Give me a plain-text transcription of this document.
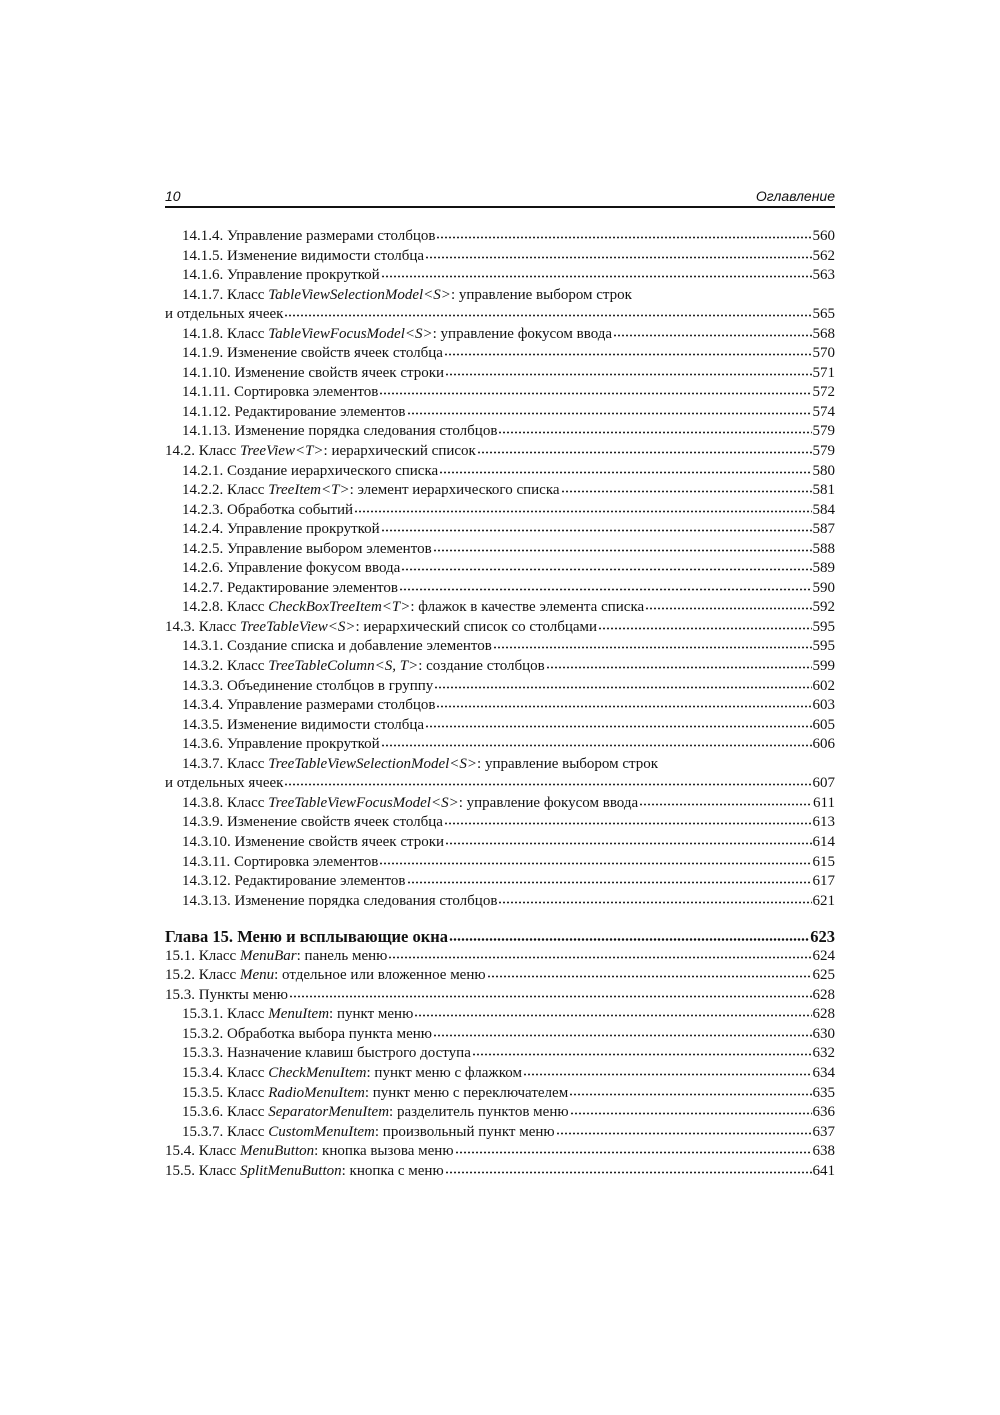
10	Оглавление
14.1.4. Управление размерами столбцов	560
14.1.5. Изменение видимости столбца	562
14.1.6. Управление прокруткой	563
14.1.7. Класс TableViewSelectionModel<S>: управление выбором строк
и отдельных ячеек	565
14.1.8. Класс TableViewFocusModel<S>: управление фокусом ввода	568
14.1.9. Изменение свойств ячеек столбца	570
14.1.10. Изменение свойств ячеек строки	571
14.1.11. Сортировка элементов	572
14.1.12. Редактирование элементов	574
14.1.13. Изменение порядка следования столбцов	579
14.2. Класс TreeView<T>: иерархический список	579
14.2.1. Создание иерархического списка	580
14.2.2. Класс TreeItem<T>: элемент иерархического списка	581
14.2.3. Обработка событий	584
14.2.4. Управление прокруткой	587
14.2.5. Управление выбором элементов	588
14.2.6. Управление фокусом ввода	589
14.2.7. Редактирование элементов	590
14.2.8. Класс CheckBoxTreeItem<T>: флажок в качестве элемента списка	592
14.3. Класс TreeTableView<S>: иерархический список со столбцами	595
14.3.1. Создание списка и добавление элементов	595
14.3.2. Класс TreeTableColumn<S, T>: создание столбцов	599
14.3.3. Объединение столбцов в группу	602
14.3.4. Управление размерами столбцов	603
14.3.5. Изменение видимости столбца	605
14.3.6. Управление прокруткой	606
14.3.7. Класс TreeTableViewSelectionModel<S>: управление выбором строк
и отдельных ячеек	607
14.3.8. Класс TreeTableViewFocusModel<S>: управление фокусом ввода	611
14.3.9. Изменение свойств ячеек столбца	613
14.3.10. Изменение свойств ячеек строки	614
14.3.11. Сортировка элементов	615
14.3.12. Редактирование элементов	617
14.3.13. Изменение порядка следования столбцов	621
Глава 15. Меню и всплывающие окна	623
15.1. Класс MenuBar: панель меню	624
15.2. Класс Menu: отдельное или вложенное меню	625
15.3. Пункты меню	628
15.3.1. Класс MenuItem: пункт меню	628
15.3.2. Обработка выбора пункта меню	630
15.3.3. Назначение клавиш быстрого доступа	632
15.3.4. Класс CheckMenuItem: пункт меню с флажком	634
15.3.5. Класс RadioMenuItem: пункт меню с переключателем	635
15.3.6. Класс SeparatorMenuItem: разделитель пунктов меню	636
15.3.7. Класс CustomMenuItem: произвольный пункт меню	637
15.4. Класс MenuButton: кнопка вызова меню	638
15.5. Класс SplitMenuButton: кнопка с меню	641
